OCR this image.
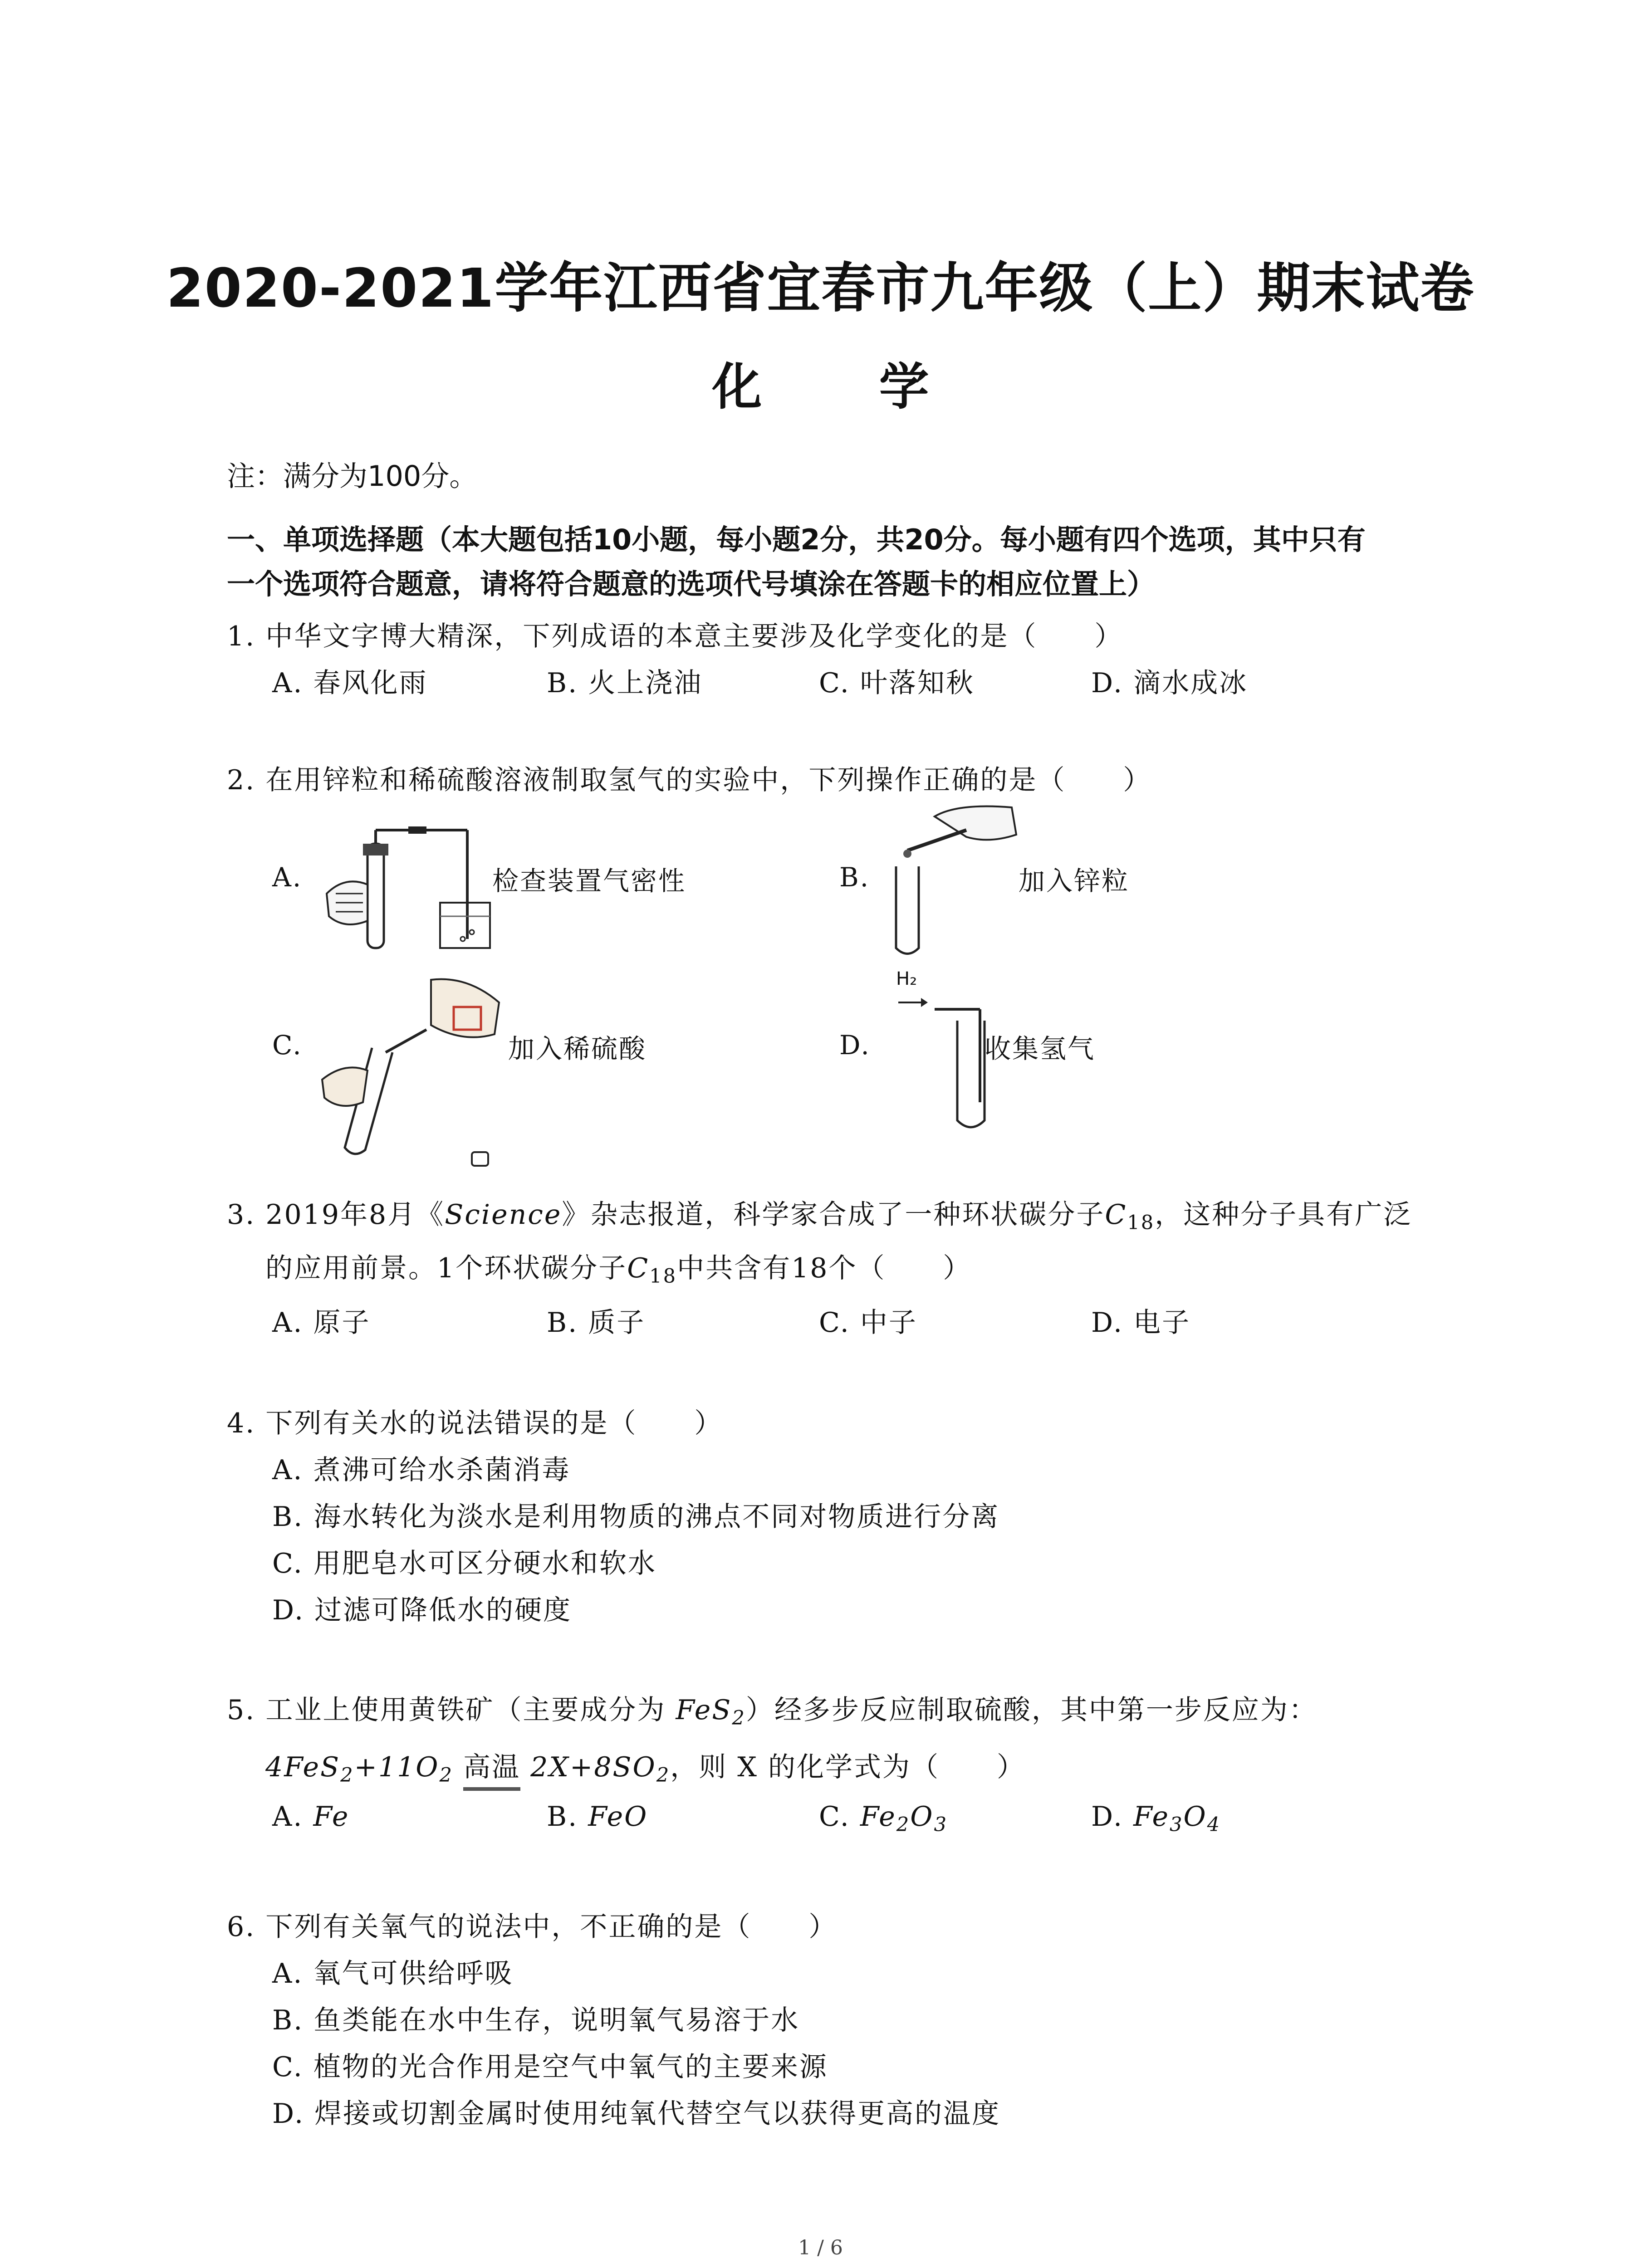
2020-2021学年江西省宜春市九年级（上）期末试卷
化 学
注：满分为100分。
一、单项选择题（本大题包括10小题，每小题2分，共20分。每小题有四个选项，其中只有
一个选项符合题意，请将符合题意的选项代号填涂在答题卡的相应位置上）
1. 中华文字博大精深，下列成语的本意主要涉及化学变化的是（　　）
A. 春风化雨	B. 火上浇油	C. 叶落知秋	D. 滴水成冰
2. 在用锌粒和稀硫酸溶液制取氢气的实验中，下列操作正确的是（　　）
A.	检查装置气密性	B.	加入锌粒
C.	加入稀硫酸	D.
H₂
收集氢气
3. 2019年8月《Science》杂志报道，科学家合成了一种环状碳分子$C_{18}$，这种分子具有广泛
的应用前景。1个环状碳分子$C_{18}$中共含有18个（　　）
A. 原子	B. 质子	C. 中子	D. 电子
4. 下列有关水的说法错误的是（　　）
A. 煮沸可给水杀菌消毒
B. 海水转化为淡水是利用物质的沸点不同对物质进行分离
C. 用肥皂水可区分硬水和软水
D. 过滤可降低水的硬度
5. 工业上使用黄铁矿（主要成分为 FeS$_2$）经多步反应制取硫酸，其中第一步反应为：
$4FeS_2+11O_2$ 高温 $2X+8SO_2$，则 X 的化学式为（　　）
A. Fe	B. FeO	C. $Fe_2O_3$	D. $Fe_3O_4$
6. 下列有关氧气的说法中，不正确的是（　　）
A. 氧气可供给呼吸
B. 鱼类能在水中生存，说明氧气易溶于水
C. 植物的光合作用是空气中氧气的主要来源
D. 焊接或切割金属时使用纯氧代替空气以获得更高的温度
1 / 6
